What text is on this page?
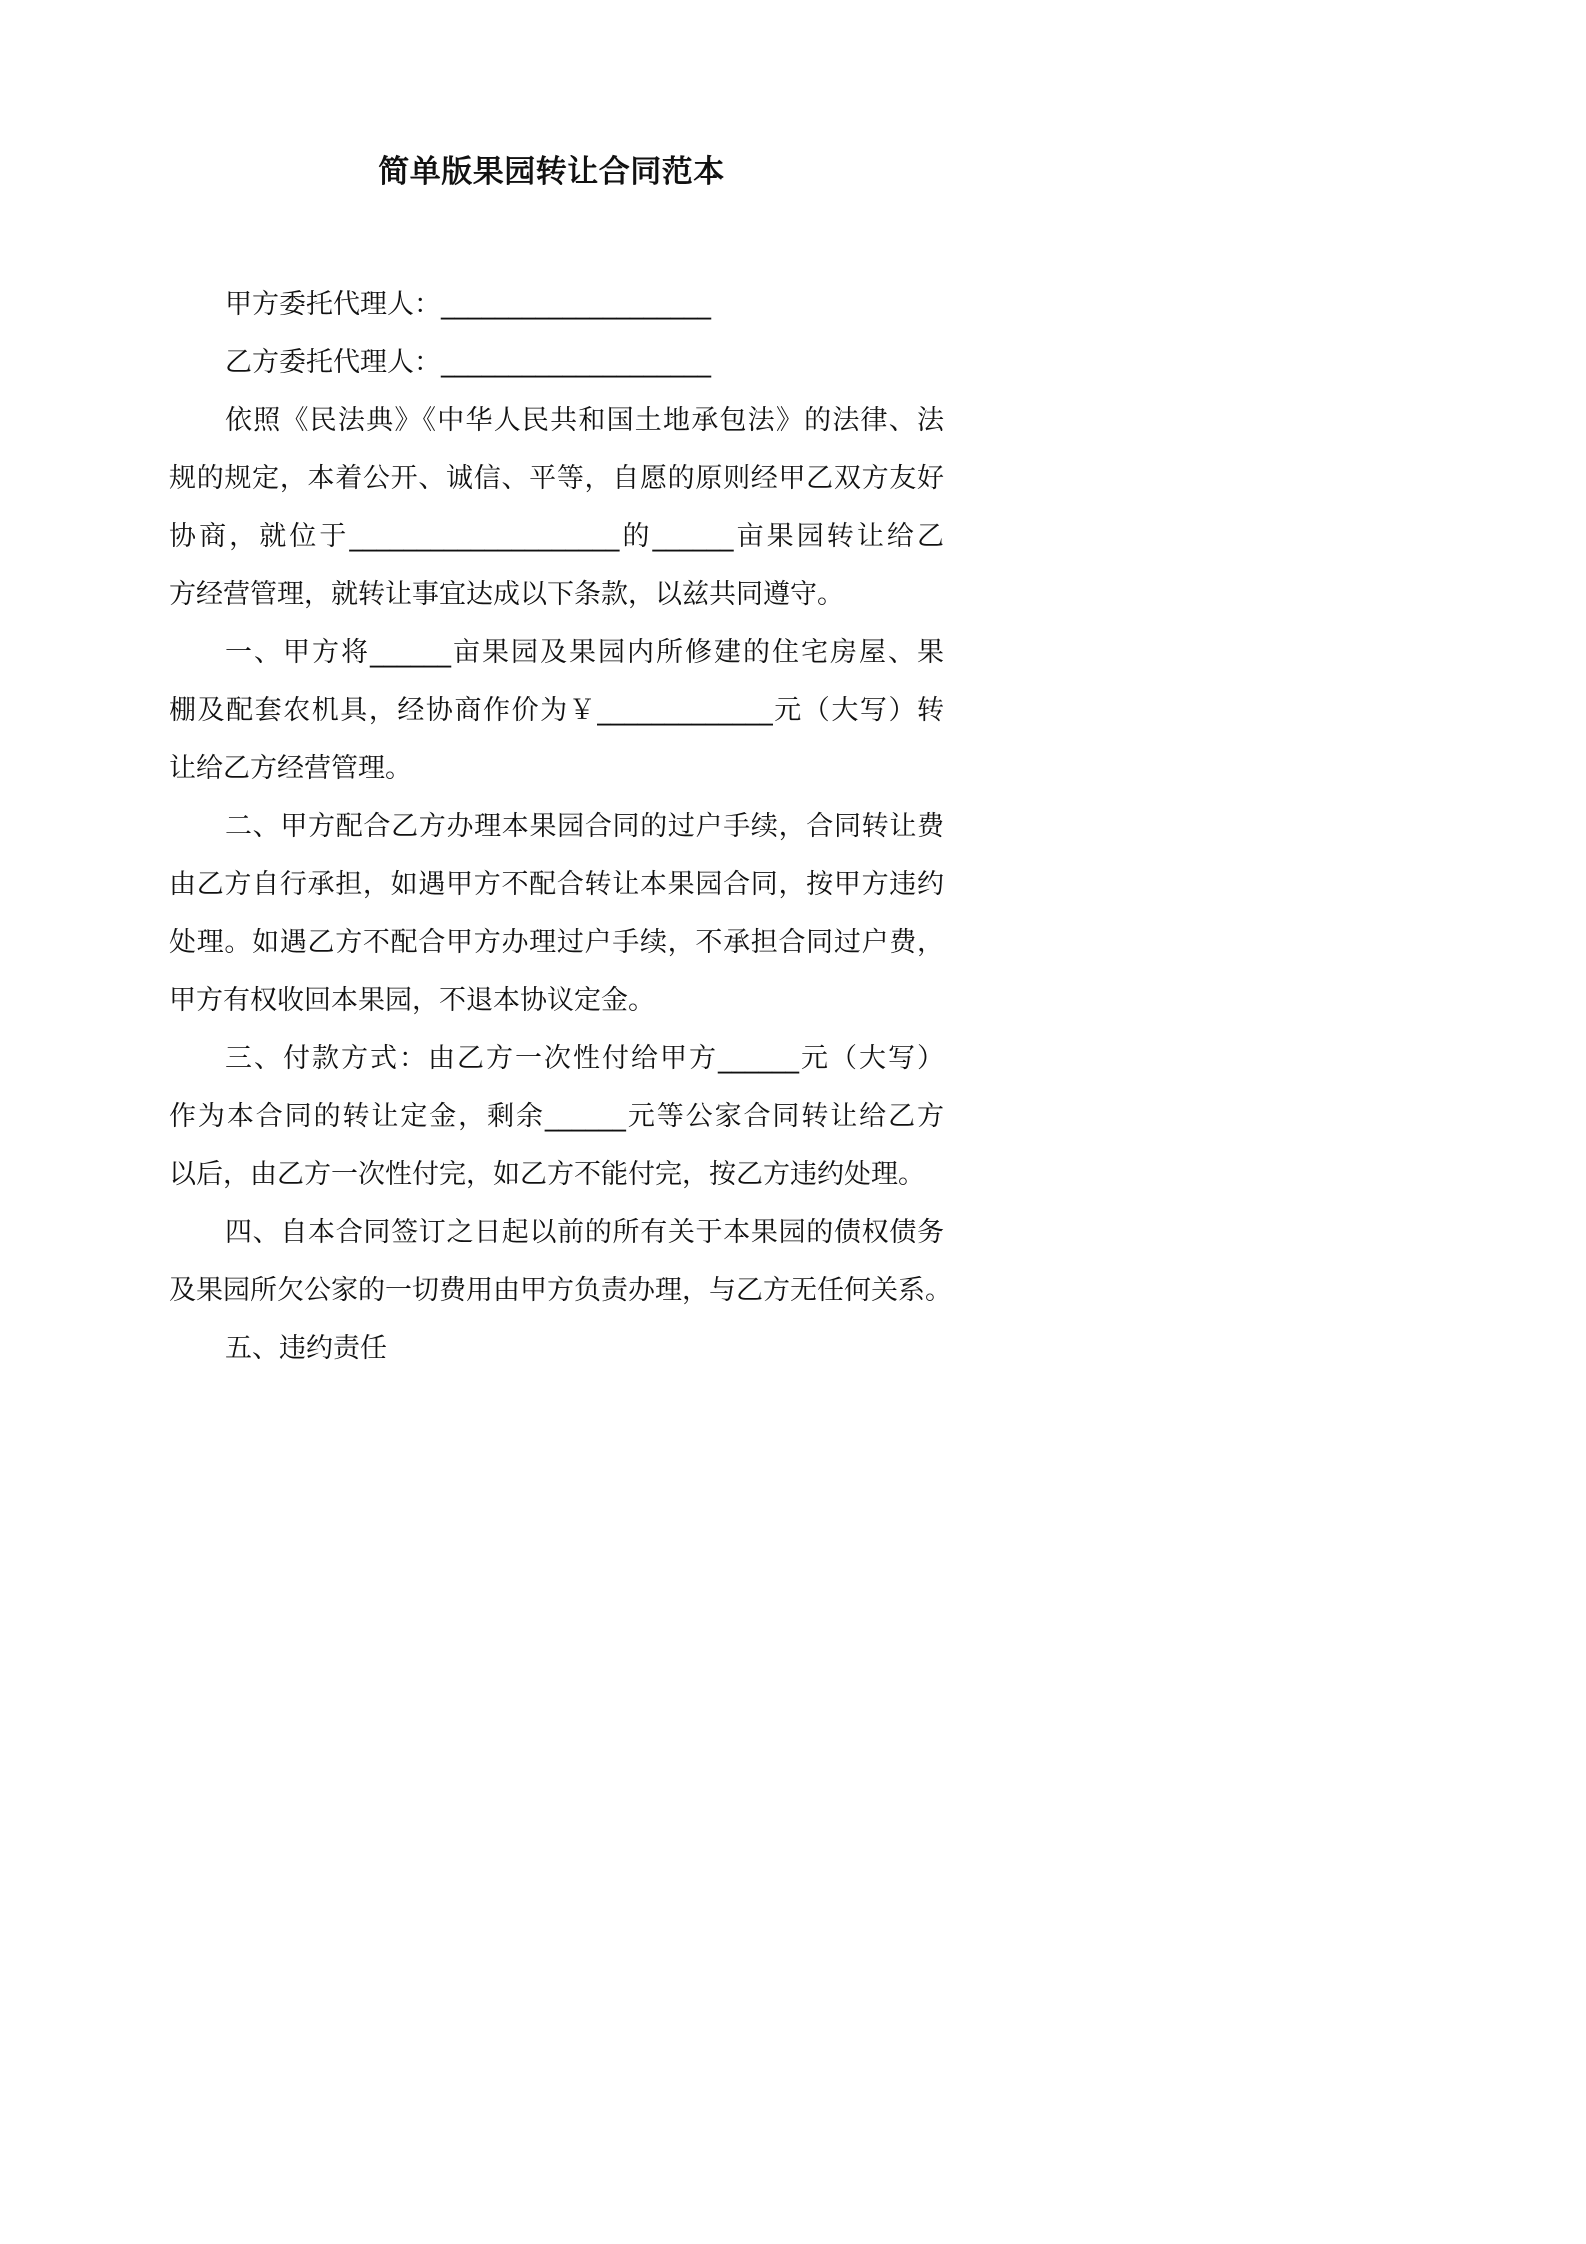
简单版果园转让合同范本
甲方委托代理人：____________________
乙方委托代理人：____________________
依照《民法典》《中华人民共和国土地承包法》的法律、法
规的规定，本着公开、诚信、平等，自愿的原则经甲乙双方友好
协商，就位于____________________的______亩果园转让给乙
方经营管理，就转让事宜达成以下条款，以兹共同遵守。
一、甲方将______亩果园及果园内所修建的住宅房屋、果
棚及配套农机具，经协商作价为￥_____________元（大写）转
让给乙方经营管理。
二、甲方配合乙方办理本果园合同的过户手续，合同转让费
由乙方自行承担，如遇甲方不配合转让本果园合同，按甲方违约
处理。如遇乙方不配合甲方办理过户手续，不承担合同过户费，
甲方有权收回本果园，不退本协议定金。
三、付款方式：由乙方一次性付给甲方______元（大写）
作为本合同的转让定金，剩余______元等公家合同转让给乙方
以后，由乙方一次性付完，如乙方不能付完，按乙方违约处理。
四、自本合同签订之日起以前的所有关于本果园的债权债务
及果园所欠公家的一切费用由甲方负责办理，与乙方无任何关系。
五、违约责任
